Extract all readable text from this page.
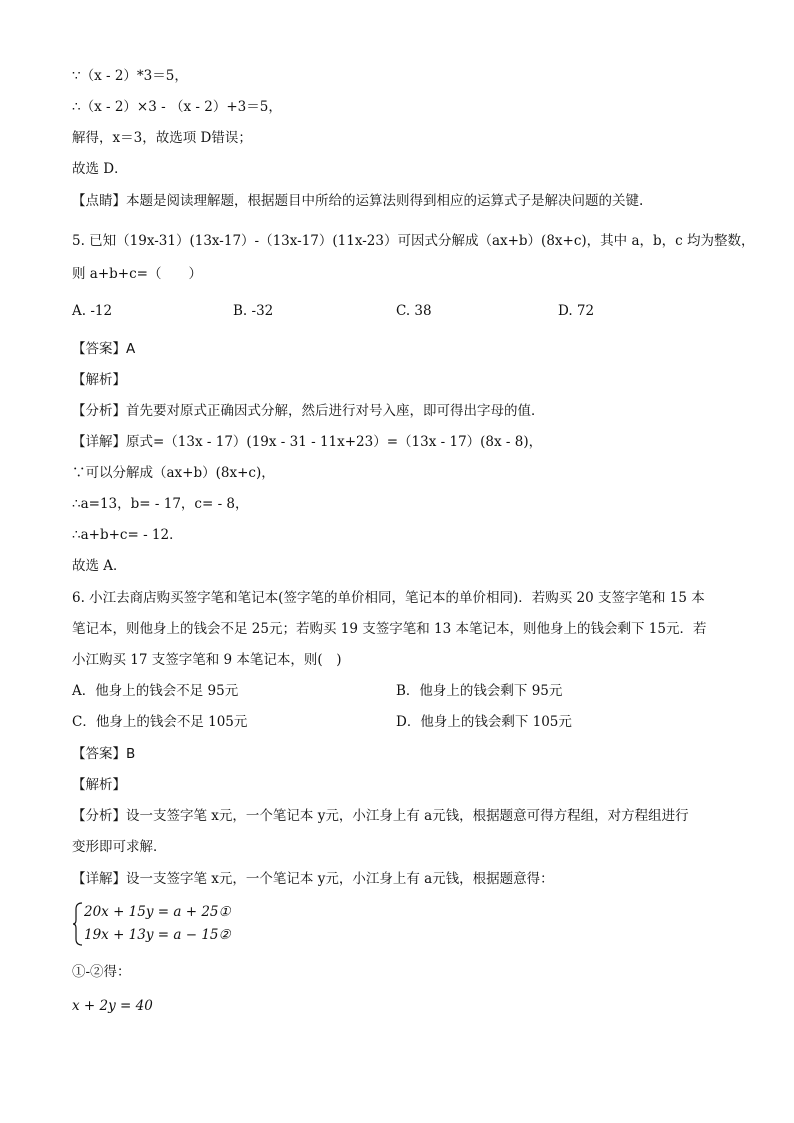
∵（x - 2）*3＝5，
∴（x - 2）×3 - （x - 2）+3＝5，
解得，x＝3，故选项 D错误；
故选 D．
【点睛】本题是阅读理解题，根据题目中所给的运算法则得到相应的运算式子是解决问题的关键.
5. 已知（19x-31）(13x-17）-（13x-17）(11x-23）可因式分解成（ax+b）(8x+c)，其中 a，b，c 均为整数，
则 a+b+c=（　　）
A. -12	B. -32	C. 38	D. 72
【答案】A
【解析】
【分析】首先要对原式正确因式分解，然后进行对号入座，即可得出字母的值．
【详解】原式=（13x - 17）(19x - 31 - 11x+23）=（13x - 17）(8x - 8)，
∵可以分解成（ax+b）(8x+c)，
∴a=13，b= - 17，c= - 8，
∴a+b+c= - 12．
故选 A．
6. 小江去商店购买签字笔和笔记本(签字笔的单价相同，笔记本的单价相同)．若购买 20 支签字笔和 15 本
笔记本，则他身上的钱会不足 25元；若购买 19 支签字笔和 13 本笔记本，则他身上的钱会剩下 15元．若
小江购买 17 支签字笔和 9 本笔记本，则(　)
A．他身上的钱会不足 95元	B．他身上的钱会剩下 95元
C．他身上的钱会不足 105元	D．他身上的钱会剩下 105元
【答案】B
【解析】
【分析】设一支签字笔 x元，一个笔记本 y元，小江身上有 a元钱，根据题意可得方程组，对方程组进行
变形即可求解．
【详解】设一支签字笔 x元，一个笔记本 y元，小江身上有 a元钱，根据题意得：
20x + 15y = a + 25①
19x + 13y = a − 15②
①-②得：
x + 2y = 40
